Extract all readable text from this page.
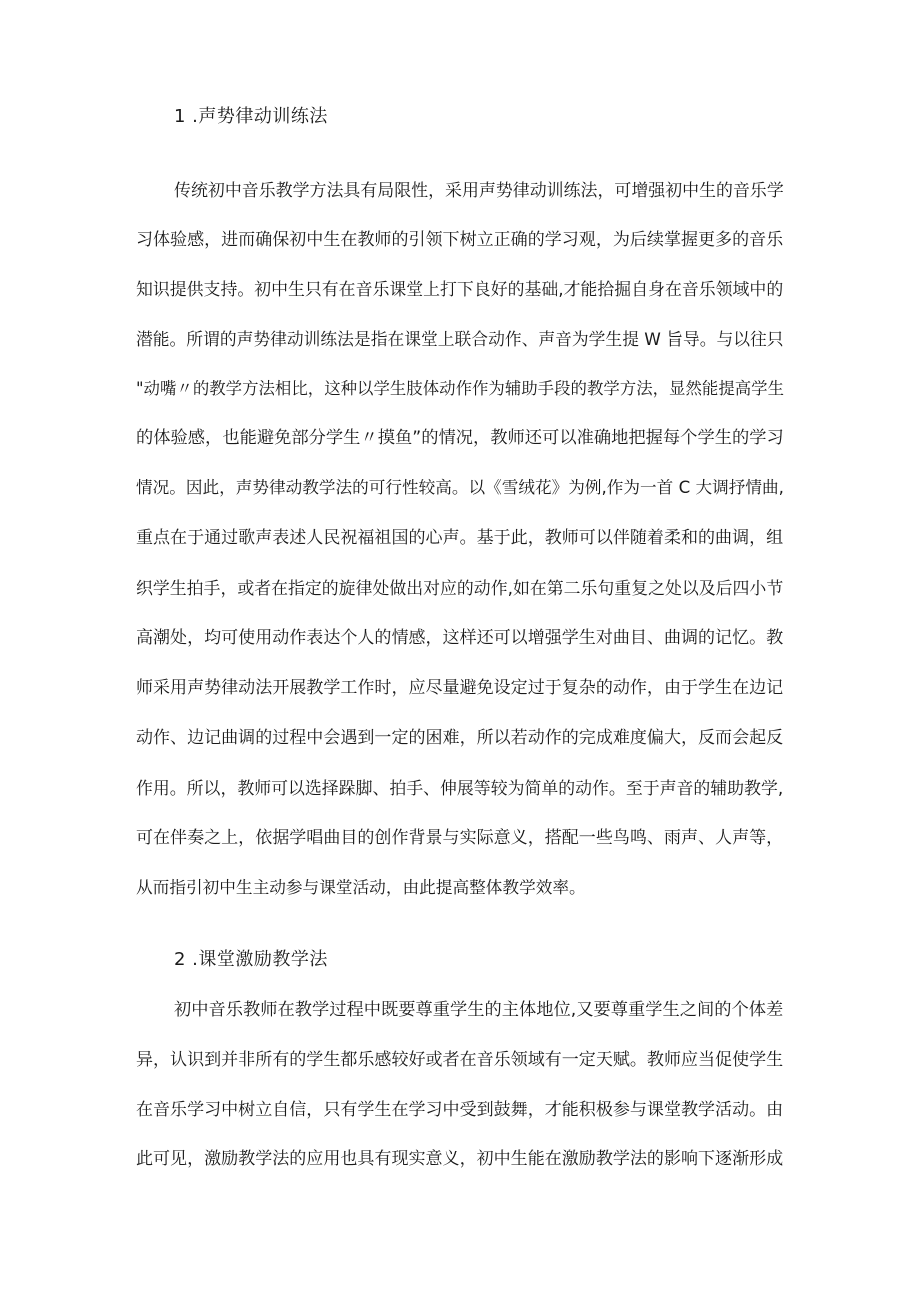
1 .声势律动训练法
传统初中音乐教学方法具有局限性，采用声势律动训练法，可增强初中生的音乐学
习体验感，进而确保初中生在教师的引领下树立正确的学习观，为后续掌握更多的音乐
知识提供支持。初中生只有在音乐课堂上打下良好的基础,才能拾掘自身在音乐领域中的
潜能。所谓的声势律动训练法是指在课堂上联合动作、声音为学生提 W 旨导。与以往只
"动嘴〃的教学方法相比，这种以学生肢体动作作为辅助手段的教学方法，显然能提高学生
的体验感，也能避免部分学生〃摸鱼”的情况，教师还可以准确地把握每个学生的学习
情况。因此，声势律动教学法的可行性较高。以《雪绒花》为例,作为一首 C 大调抒情曲,
重点在于通过歌声表述人民祝福祖国的心声。基于此，教师可以伴随着柔和的曲调，组
织学生拍手，或者在指定的旋律处做出对应的动作,如在第二乐句重复之处以及后四小节
高潮处，均可使用动作表达个人的情感，这样还可以增强学生对曲目、曲调的记忆。教
师采用声势律动法开展教学工作时，应尽量避免设定过于复杂的动作，由于学生在边记
动作、边记曲调的过程中会遇到一定的困难，所以若动作的完成难度偏大，反而会起反
作用。所以，教师可以选择跺脚、拍手、伸展等较为简单的动作。至于声音的辅助教学,
可在伴奏之上，依据学唱曲目的创作背景与实际意义，搭配一些鸟鸣、雨声、人声等，
从而指引初中生主动参与课堂活动，由此提高整体教学效率。
2 .课堂激励教学法
初中音乐教师在教学过程中既要尊重学生的主体地位,又要尊重学生之间的个体差
异，认识到并非所有的学生都乐感较好或者在音乐领域有一定天赋。教师应当促使学生
在音乐学习中树立自信，只有学生在学习中受到鼓舞，才能积极参与课堂教学活动。由
此可见，激励教学法的应用也具有现实意义，初中生能在激励教学法的影响下逐渐形成
